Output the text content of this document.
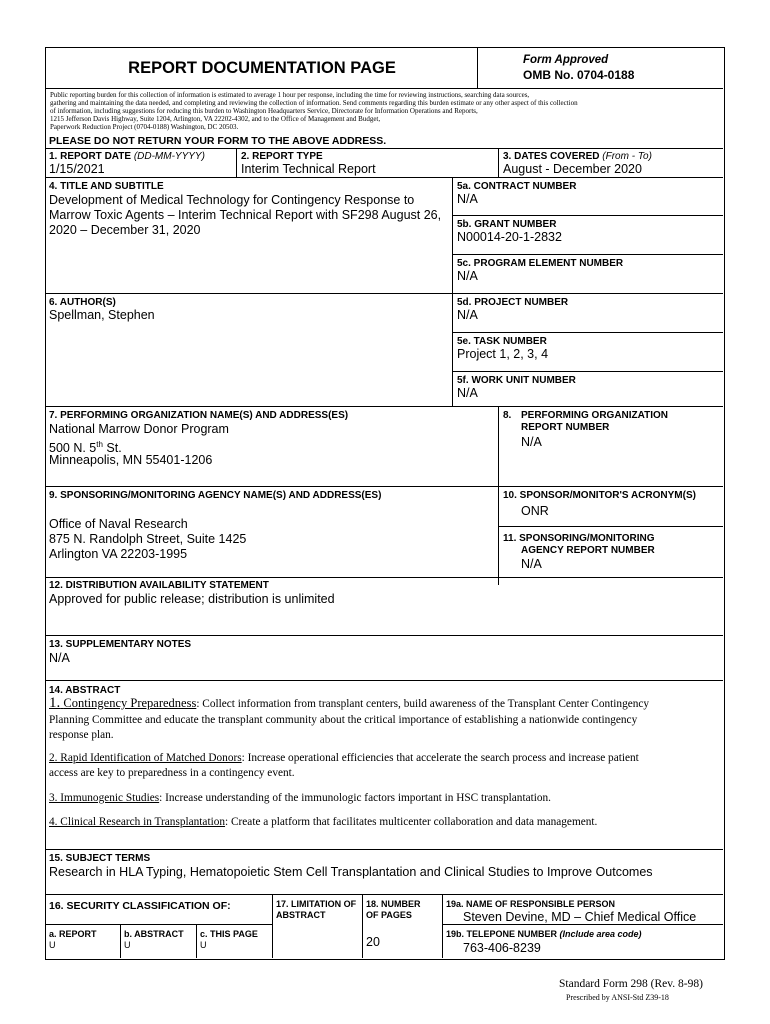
REPORT DOCUMENTATION PAGE	Form Approved
OMB No. 0704-0188
Public reporting burden for this collection of information is estimated to average 1 hour per response, including the time for reviewing instructions, searching data sources,
gathering and maintaining the data needed, and completing and reviewing the collection of information. Send comments regarding this burden estimate or any other aspect of this collection
of information, including suggestions for reducing this burden to Washington Headquarters Service, Directorate for Information Operations and Reports,
1215 Jefferson Davis Highway, Suite 1204, Arlington, VA 22202-4302, and to the Office of Management and Budget,
Paperwork Reduction Project (0704-0188) Washington, DC 20503.
PLEASE DO NOT RETURN YOUR FORM TO THE ABOVE ADDRESS.
1. REPORT DATE (DD-MM-YYYY)
1/15/2021
2. REPORT TYPE
Interim Technical Report
3. DATES COVERED (From - To)
August - December 2020
4. TITLE AND SUBTITLE
Development of Medical Technology for Contingency Response to
Marrow Toxic Agents – Interim Technical Report with SF298 August 26,
2020 – December 31, 2020
5a. CONTRACT NUMBER
N/A
5b. GRANT NUMBER
N00014-20-1-2832
5c. PROGRAM ELEMENT NUMBER
N/A
6. AUTHOR(S)
Spellman, Stephen
5d. PROJECT NUMBER
N/A
5e. TASK NUMBER
Project 1, 2, 3, 4
5f. WORK UNIT NUMBER
N/A
7. PERFORMING ORGANIZATION NAME(S) AND ADDRESS(ES)
National Marrow Donor Program
500 N. 5th St.
Minneapolis, MN 55401-1206
8. PERFORMING ORGANIZATION
REPORT NUMBER
N/A
9. SPONSORING/MONITORING AGENCY NAME(S) AND ADDRESS(ES)
Office of Naval Research
875 N. Randolph Street, Suite 1425
Arlington VA 22203-1995
10. SPONSOR/MONITOR'S ACRONYM(S)
ONR
11. SPONSORING/MONITORING
AGENCY REPORT NUMBER
N/A
12. DISTRIBUTION AVAILABILITY STATEMENT
Approved for public release; distribution is unlimited
13. SUPPLEMENTARY NOTES
N/A
14. ABSTRACT

1. Contingency Preparedness: Collect information from transplant centers, build awareness of the Transplant Center Contingency

Planning Committee and educate the transplant community about the critical importance of establishing a nationwide contingency

response plan.

2. Rapid Identification of Matched Donors: Increase operational efficiencies that accelerate the search process and increase patient

access are key to preparedness in a contingency event.

3. Immunogenic Studies: Increase understanding of the immunologic factors important in HSC transplantation.

4. Clinical Research in Transplantation: Create a platform that facilitates multicenter collaboration and data management.

15. SUBJECT TERMS
Research in HLA Typing, Hematopoietic Stem Cell Transplantation and Clinical Studies to Improve Outcomes
16. SECURITY CLASSIFICATION OF:
a. REPORT
U
b. ABSTRACT
U
c. THIS PAGE
U
17. LIMITATION OF
ABSTRACT
18. NUMBER
OF PAGES
20
19a. NAME OF RESPONSIBLE PERSON
Steven Devine, MD – Chief Medical Office
19b. TELEPONE NUMBER (Include area code)
763-406-8239
Standard Form 298 (Rev. 8-98)
Prescribed by ANSI-Std Z39-18
